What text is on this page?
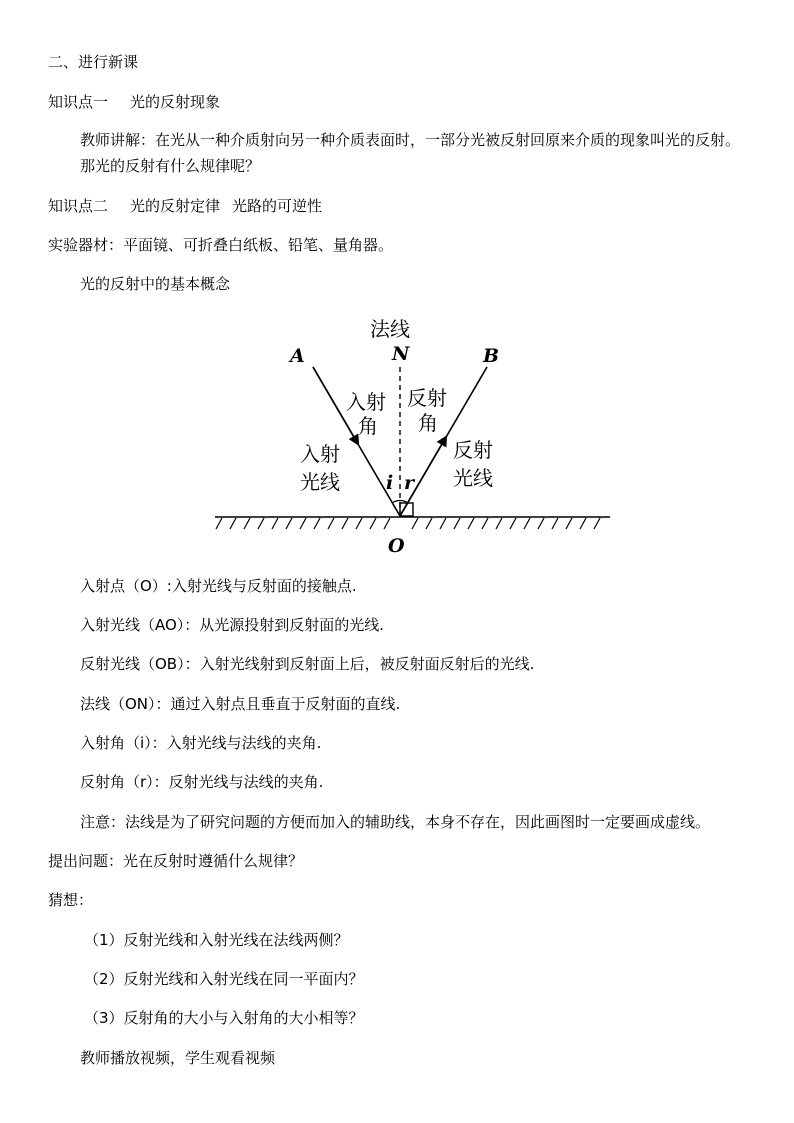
二、进行新课
知识点一 光的反射现象
教师讲解：在光从一种介质射向另一种介质表面时，一部分光被反射回原来介质的现象叫光的反射。那光的反射有什么规律呢？
知识点二 光的反射定律 光路的可逆性
实验器材：平面镜、可折叠白纸板、铅笔、量角器。
光的反射中的基本概念
法线
N
A	B
O
i r
入射
角
反射
角
入射
光线
反射
光线
入射点（O）:入射光线与反射面的接触点.
入射光线（AO）：从光源投射到反射面的光线.
反射光线（OB）：入射光线射到反射面上后，被反射面反射后的光线.
法线（ON）：通过入射点且垂直于反射面的直线.
入射角（i）：入射光线与法线的夹角.
反射角（r）：反射光线与法线的夹角.
注意：法线是为了研究问题的方便而加入的辅助线，本身不存在，因此画图时一定要画成虚线。
提出问题：光在反射时遵循什么规律？
猜想：
（1）反射光线和入射光线在法线两侧？
（2）反射光线和入射光线在同一平面内？
（3）反射角的大小与入射角的大小相等？
教师播放视频，学生观看视频
